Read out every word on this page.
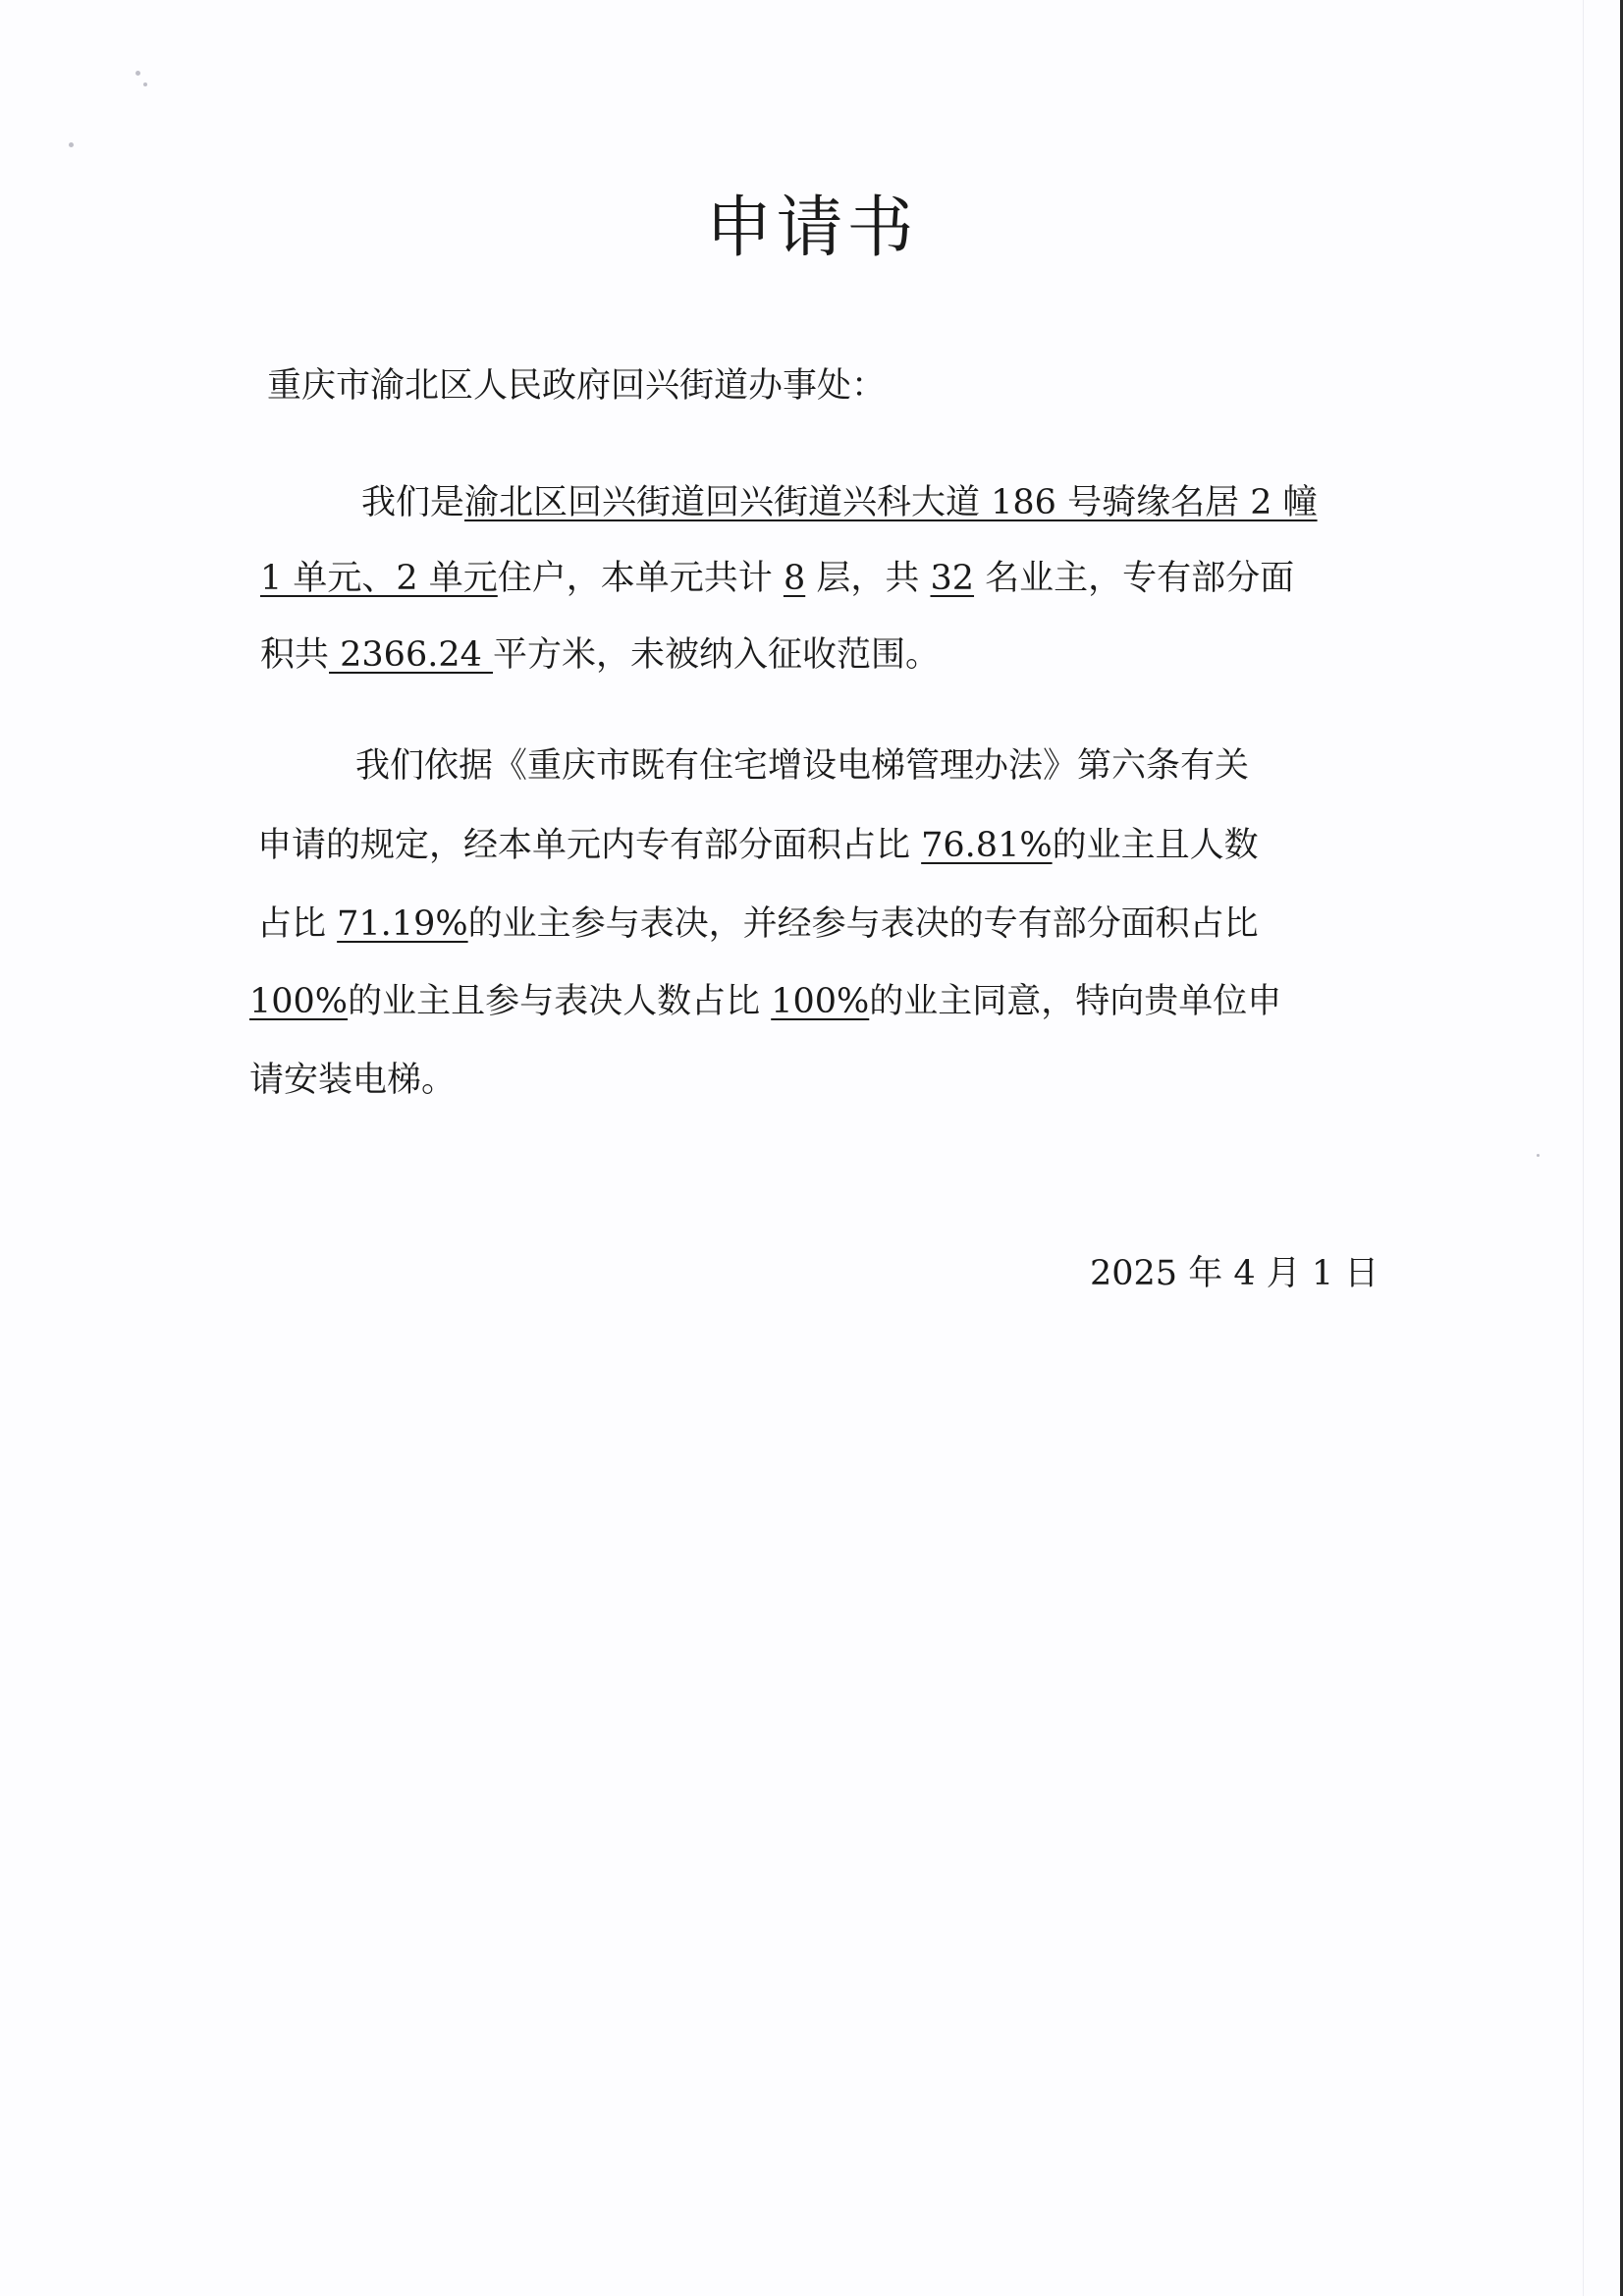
申请书
重庆市渝北区人民政府回兴街道办事处：
我们是渝北区回兴街道回兴街道兴科大道 186 号骑缘名居 2 幢
1 单元、2 单元住户，本单元共计 8 层，共 32 名业主，专有部分面
积共 2366.24 平方米，未被纳入征收范围。
我们依据《重庆市既有住宅增设电梯管理办法》第六条有关
申请的规定，经本单元内专有部分面积占比 76.81%的业主且人数
占比 71.19%的业主参与表决，并经参与表决的专有部分面积占比
100%的业主且参与表决人数占比 100%的业主同意，特向贵单位申
请安装电梯。
2025 年 4 月 1 日
